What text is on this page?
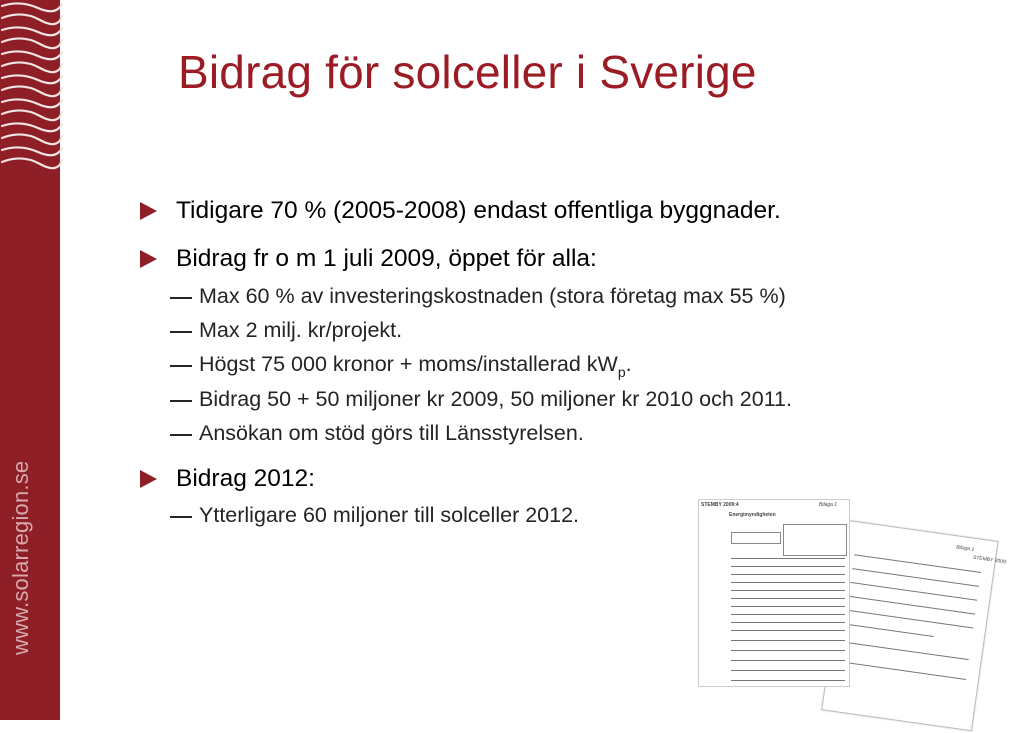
www.solarregion.se
Bidrag för solceller i Sverige
Tidigare 70 % (2005-2008) endast offentliga byggnader.
Bidrag fr o m 1 juli 2009, öppet för alla:
Max 60 % av investeringskostnaden (stora företag max 55 %)
Max 2 milj. kr/projekt.
Högst 75 000 kronor + moms/installerad $kW_p$.
Bidrag 50 + 50 miljoner kr 2009, 50 miljoner kr 2010 och 2011.
Ansökan om stöd görs till Länsstyrelsen.
Bidrag 2012:
Ytterligare 60 miljoner till solceller 2012.
Bilaga 1
STEMBY 2009:
STEMBY 2009:4	Bilaga 1
Energimyndigheten
